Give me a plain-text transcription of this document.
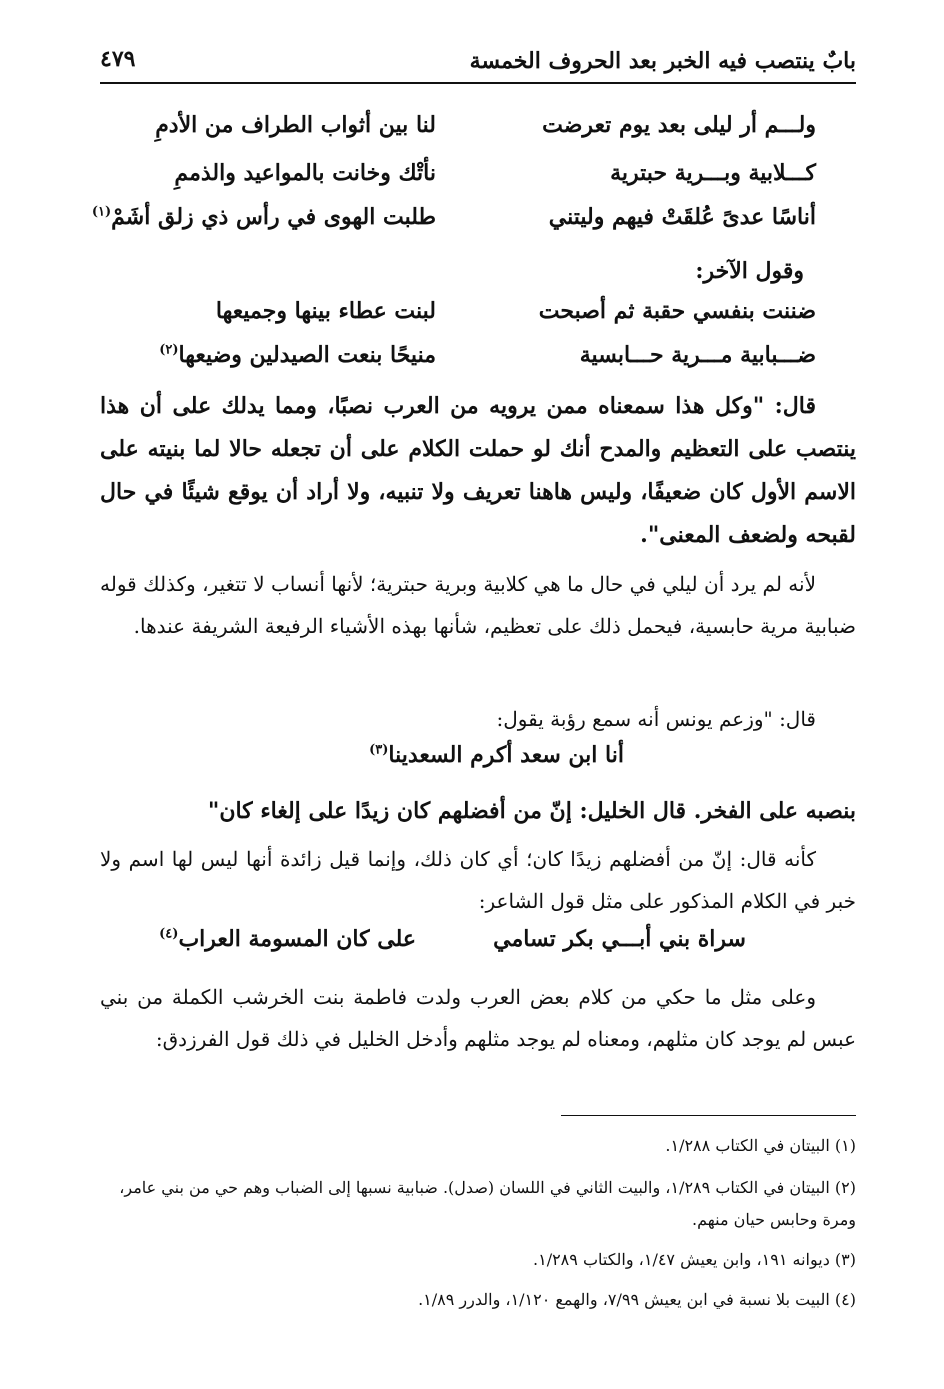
بابٌ ينتصب فيه الخبر بعد الحروف الخمسة
٤٧٩
ولـــم أر ليلى بعد يوم تعرضت
لنا بين أثواب الطراف من الأدمِ
كـــلابية وبـــرية حبترية
نأتْك وخانت بالمواعيد والذممِ
أناسًا عدىً عُلقَتْ فيهم وليتني
طلبت الهوى في رأس ذي زلق أشَمْ$^{(١)}$
وقول الآخر:
ضننت بنفسي حقبة ثم أصبحت
لبنت عطاء بينها وجميعها
ضـــبابية مـــرية حـــابسية
منيحًا بنعت الصيدلين وضيعها$^{(٢)}$
قال: "وكل هذا سمعناه ممن يرويه من العرب نصبًا، ومما يدلك على أن هذا ينتصب على التعظيم والمدح أنك لو حملت الكلام على أن تجعله حالا لما بنيته على الاسم الأول كان ضعيفًا، وليس هاهنا تعريف ولا تنبيه، ولا أراد أن يوقع شيئًا في حال لقبحه ولضعف المعنى".
لأنه لم يرد أن ليلي في حال ما هي كلابية وبرية حبترية؛ لأنها أنساب لا تتغير، وكذلك قوله ضبابية مرية حابسية، فيحمل ذلك على تعظيم، شأنها بهذه الأشياء الرفيعة الشريفة عندها.
قال: "وزعم يونس أنه سمع رؤبة يقول:
أنا ابن سعد أكرم السعدينا$^{(٣)}$
بنصبه على الفخر. قال الخليل: إنّ من أفضلهم كان زيدًا على إلغاء كان"
كأنه قال: إنّ من أفضلهم زيدًا كان؛ أي كان ذلك، وإنما قيل زائدة أنها ليس لها اسم ولا خبر في الكلام المذكور على مثل قول الشاعر:
سراة بني أبـــي بكر تسامي
على كان المسومة العراب$^{(٤)}$
وعلى مثل ما حكي من كلام بعض العرب ولدت فاطمة بنت الخرشب الكملة من بني عبس لم يوجد كان مثلهم، ومعناه لم يوجد مثلهم وأدخل الخليل في ذلك قول الفرزدق:
(١) البيتان في الكتاب ١/٢٨٨.
(٢) البيتان في الكتاب ١/٢٨٩، والبيت الثاني في اللسان (صدل). ضبابية نسبها إلى الضباب وهم حي من بني عامر، ومرة وحابس حيان منهم.
(٣) ديوانه ١٩١، وابن يعيش ١/٤٧، والكتاب ١/٢٨٩.
(٤) البيت بلا نسبة في ابن يعيش ٧/٩٩، والهمع ١/١٢٠، والدرر ١/٨٩.
